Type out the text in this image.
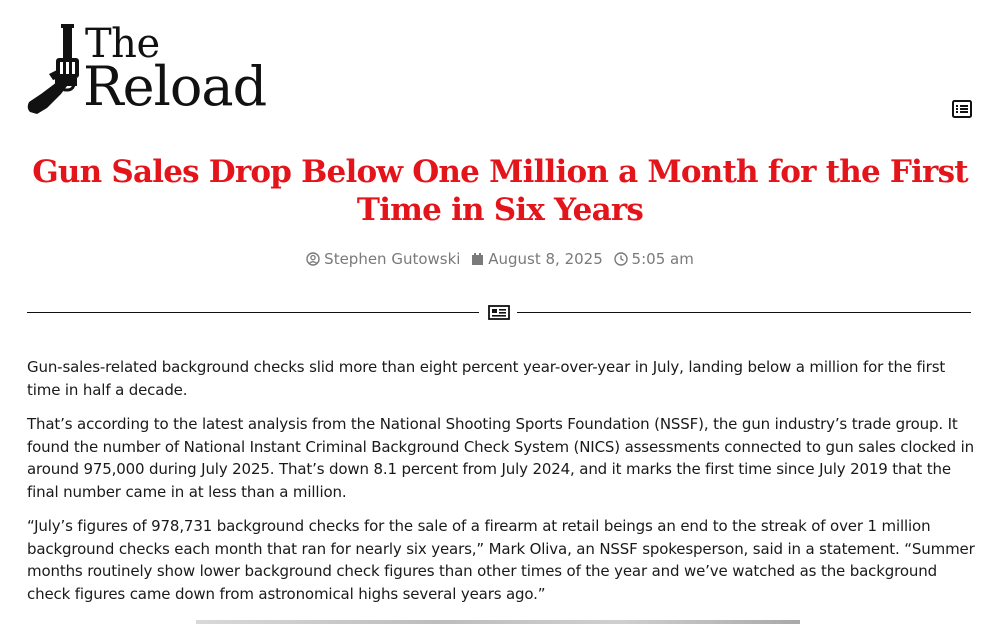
The
Reload
Gun Sales Drop Below One Million a Month for the First Time in Six Years
Stephen Gutowski
August 8, 2025
5:05 am

Gun-sales-related background checks slid more than eight percent year-over-year in July, landing below a million for the first time in half a decade.

That’s according to the latest analysis from the National Shooting Sports Foundation (NSSF), the gun industry’s trade group. It found the number of National Instant Criminal Background Check System (NICS) assessments connected to gun sales clocked in around 975,000 during July 2025. That’s down 8.1 percent from July 2024, and it marks the first time since July 2019 that the final number came in at less than a million.

“July’s figures of 978,731 background checks for the sale of a firearm at retail beings an end to the streak of over 1 million background checks each month that ran for nearly six years,” Mark Oliva, an NSSF spokesperson, said in a statement. “Summer months routinely show lower background check figures than other times of the year and we’ve watched as the background check figures came down from astronomical highs several years ago.”
